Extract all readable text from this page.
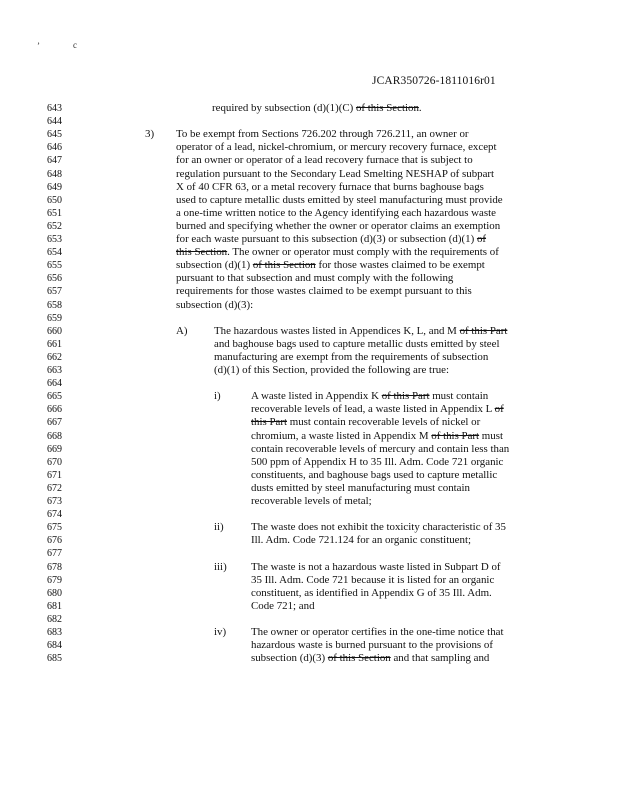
’	c
JCAR350726-1811016r01
643	required by subsection (d)(1)(C) of this Section.
644
645	3) To be exempt from Sections 726.202 through 726.211, an owner or
646	operator of a lead, nickel-chromium, or mercury recovery furnace, except
647	for an owner or operator of a lead recovery furnace that is subject to
648	regulation pursuant to the Secondary Lead Smelting NESHAP of subpart
649	X of 40 CFR 63, or a metal recovery furnace that burns baghouse bags
650	used to capture metallic dusts emitted by steel manufacturing must provide
651	a one-time written notice to the Agency identifying each hazardous waste
652	burned and specifying whether the owner or operator claims an exemption
653	for each waste pursuant to this subsection (d)(3) or subsection (d)(1) of
654	this Section. The owner or operator must comply with the requirements of
655	subsection (d)(1) of this Section for those wastes claimed to be exempt
656	pursuant to that subsection and must comply with the following
657	requirements for those wastes claimed to be exempt pursuant to this
658	subsection (d)(3):
659
660	A) The hazardous wastes listed in Appendices K, L, and M of this Part
661	and baghouse bags used to capture metallic dusts emitted by steel
662	manufacturing are exempt from the requirements of subsection
663	(d)(1) of this Section, provided the following are true:
664
665	i)	A waste listed in Appendix K of this Part must contain
666	recoverable levels of lead, a waste listed in Appendix L of
667	this Part must contain recoverable levels of nickel or
668	chromium, a waste listed in Appendix M of this Part must
669	contain recoverable levels of mercury and contain less than
670	500 ppm of Appendix H to 35 Ill. Adm. Code 721 organic
671	constituents, and baghouse bags used to capture metallic
672	dusts emitted by steel manufacturing must contain
673	recoverable levels of metal;
674
675	ii)	The waste does not exhibit the toxicity characteristic of 35
676	Ill. Adm. Code 721.124 for an organic constituent;
677
678	iii) The waste is not a hazardous waste listed in Subpart D of
679	35 Ill. Adm. Code 721 because it is listed for an organic
680	constituent, as identified in Appendix G of 35 Ill. Adm.
681	Code 721; and
682
683	iv) The owner or operator certifies in the one-time notice that
684	hazardous waste is burned pursuant to the provisions of
685	subsection (d)(3) of this Section and that sampling and
